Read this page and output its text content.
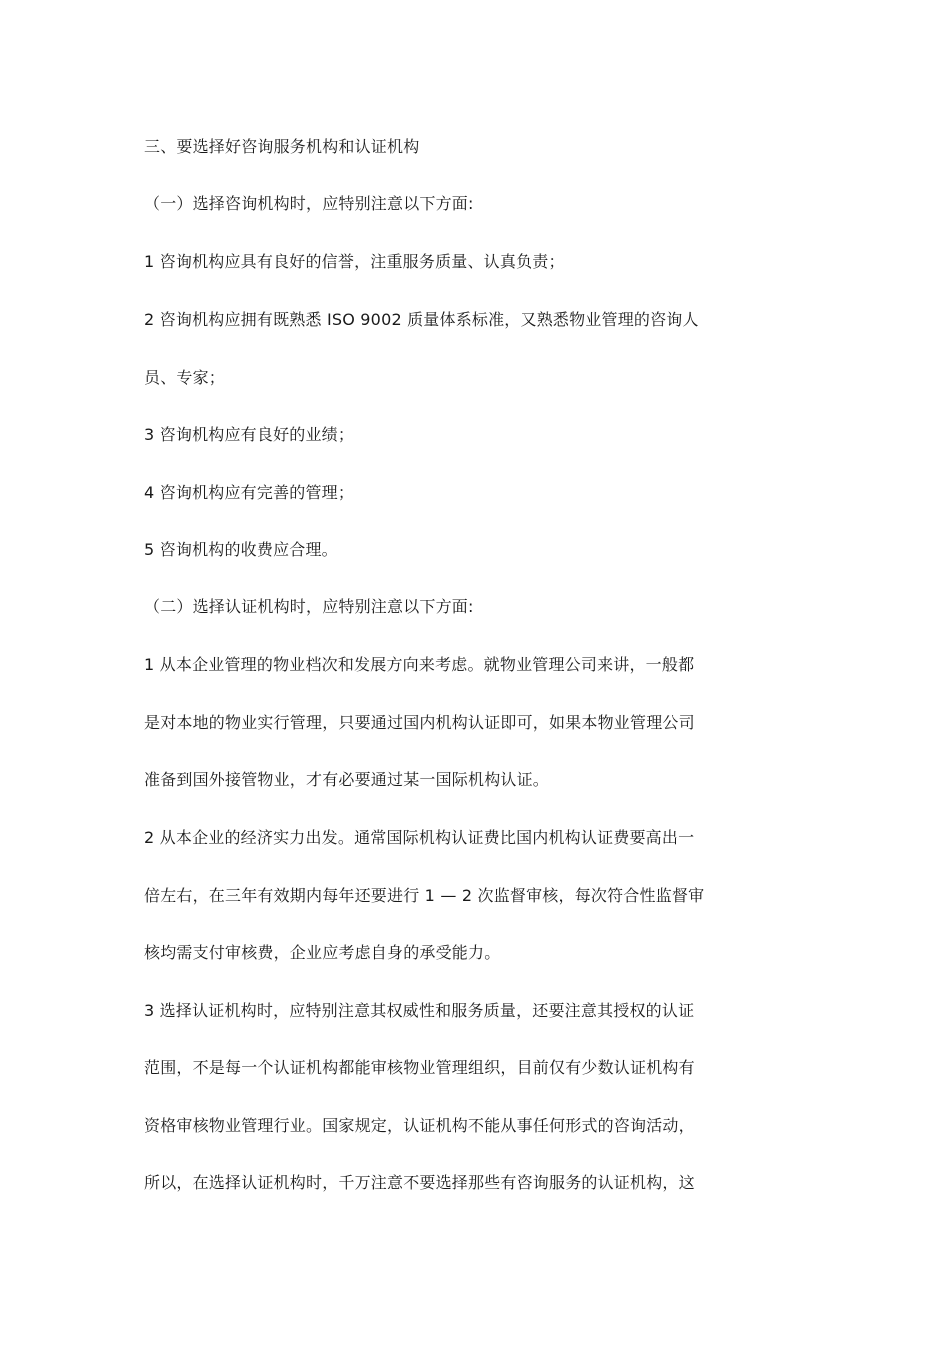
三、要选择好咨询服务机构和认证机构
（一）选择咨询机构时，应特别注意以下方面:
1 咨询机构应具有良好的信誉，注重服务质量、认真负责；
2 咨询机构应拥有既熟悉 ISO 9002 质量体系标准，又熟悉物业管理的咨询人
员、专家；
3 咨询机构应有良好的业绩；
4 咨询机构应有完善的管理；
5 咨询机构的收费应合理。
（二）选择认证机构时，应特别注意以下方面:
1 从本企业管理的物业档次和发展方向来考虑。就物业管理公司来讲，一般都
是对本地的物业实行管理，只要通过国内机构认证即可，如果本物业管理公司
准备到国外接管物业，才有必要通过某一国际机构认证。
2 从本企业的经济实力出发。通常国际机构认证费比国内机构认证费要高出一
倍左右，在三年有效期内每年还要进行 1 — 2 次监督审核，每次符合性监督审
核均需支付审核费，企业应考虑自身的承受能力。
3 选择认证机构时，应特别注意其权威性和服务质量，还要注意其授权的认证
范围，不是每一个认证机构都能审核物业管理组织，目前仅有少数认证机构有
资格审核物业管理行业。国家规定，认证机构不能从事任何形式的咨询活动，
所以，在选择认证机构时，千万注意不要选择那些有咨询服务的认证机构，这
